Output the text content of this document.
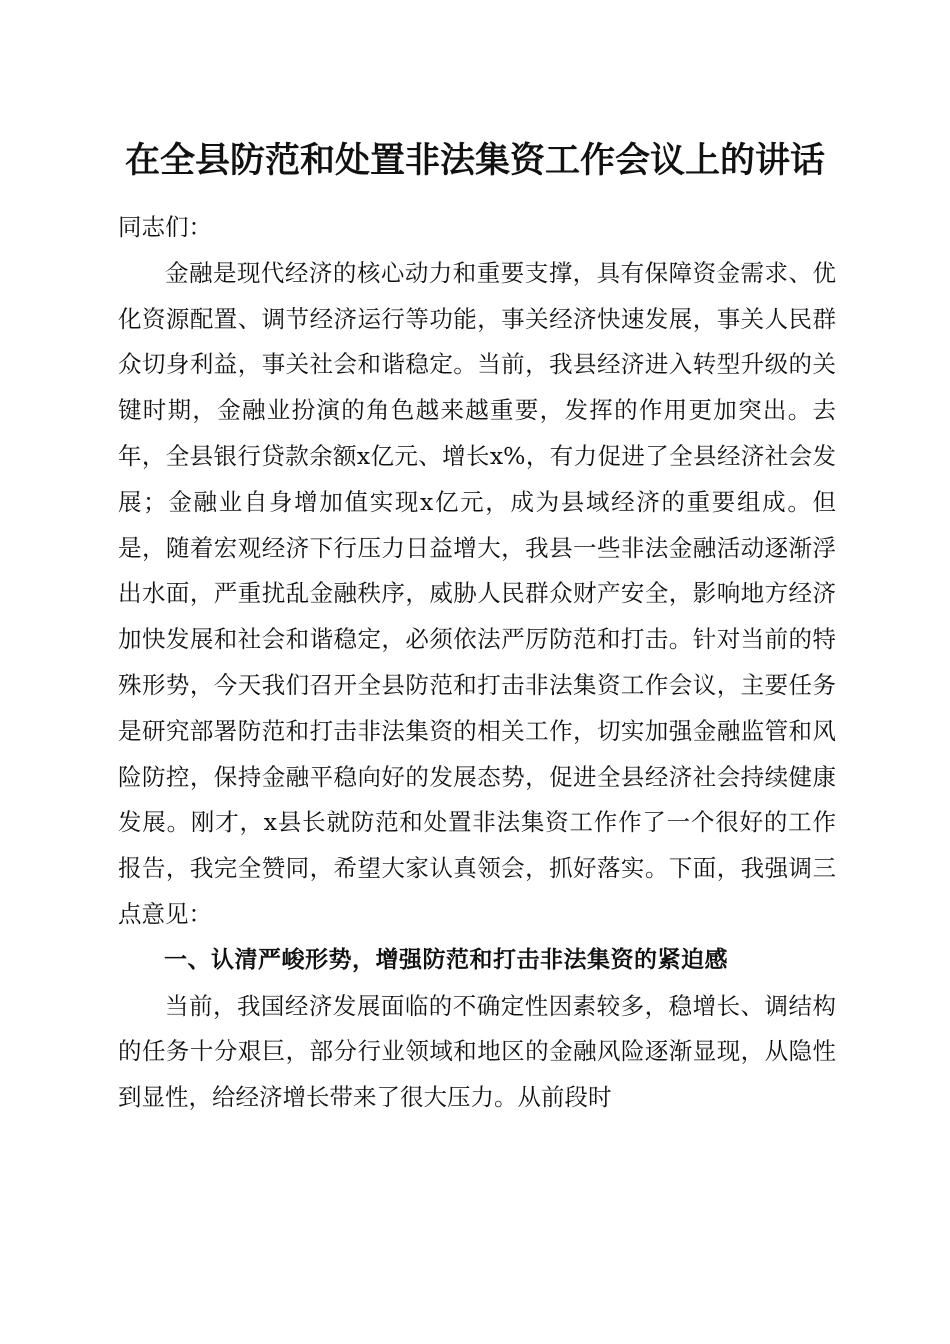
在全县防范和处置非法集资工作会议上的讲话

同志们：

金融是现代经济的核心动力和重要支撑，具有保障资金需求、优化资源配置、调节经济运行等功能，事关经济快速发展，事关人民群众切身利益，事关社会和谐稳定。当前，我县经济进入转型升级的关键时期，金融业扮演的角色越来越重要，发挥的作用更加突出。去年，全县银行贷款余额x亿元、增长x%，有力促进了全县经济社会发展；金融业自身增加值实现x亿元，成为县域经济的重要组成。但是，随着宏观经济下行压力日益增大，我县一些非法金融活动逐渐浮出水面，严重扰乱金融秩序，威胁人民群众财产安全，影响地方经济加快发展和社会和谐稳定，必须依法严厉防范和打击。针对当前的特殊形势，今天我们召开全县防范和打击非法集资工作会议，主要任务是研究部署防范和打击非法集资的相关工作，切实加强金融监管和风险防控，保持金融平稳向好的发展态势，促进全县经济社会持续健康发展。刚才，x县长就防范和处置非法集资工作作了一个很好的工作报告，我完全赞同，希望大家认真领会，抓好落实。下面，我强调三点意见：

一、认清严峻形势，增强防范和打击非法集资的紧迫感

当前，我国经济发展面临的不确定性因素较多，稳增长、调结构的任务十分艰巨，部分行业领域和地区的金融风险逐渐显现，从隐性到显性，给经济增长带来了很大压力。从前段时
